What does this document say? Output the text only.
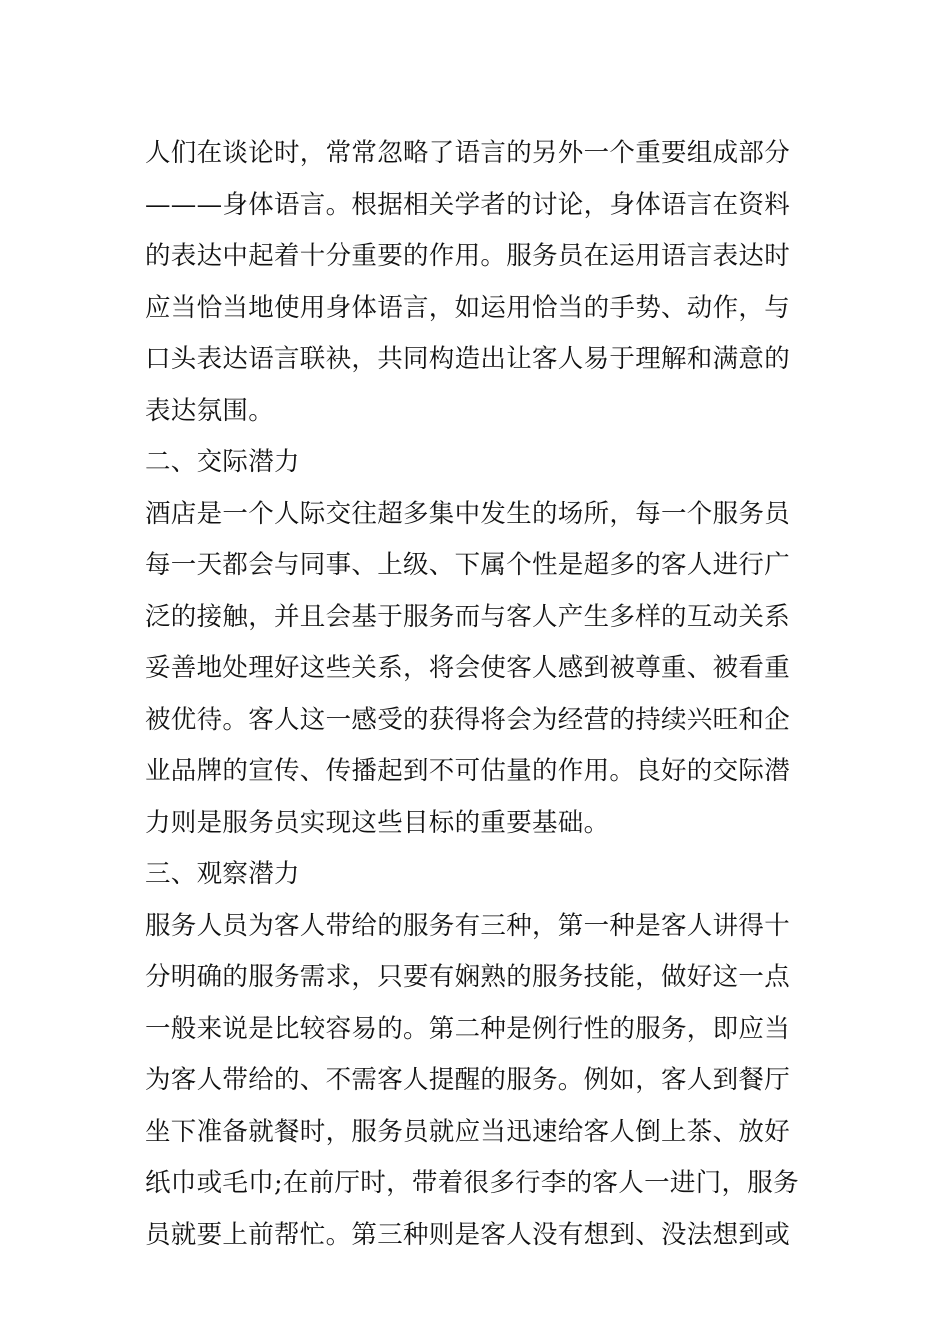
人们在谈论时，常常忽略了语言的另外一个重要组成部分
———身体语言。根据相关学者的讨论，身体语言在资料
的表达中起着十分重要的作用。服务员在运用语言表达时
应当恰当地使用身体语言，如运用恰当的手势、动作，与
口头表达语言联袂，共同构造出让客人易于理解和满意的
表达氛围。
二、交际潜力
酒店是一个人际交往超多集中发生的场所，每一个服务员
每一天都会与同事、上级、下属个性是超多的客人进行广
泛的接触，并且会基于服务而与客人产生多样的互动关系
妥善地处理好这些关系，将会使客人感到被尊重、被看重
被优待。客人这一感受的获得将会为经营的持续兴旺和企
业品牌的宣传、传播起到不可估量的作用。良好的交际潜
力则是服务员实现这些目标的重要基础。
三、观察潜力
服务人员为客人带给的服务有三种，第一种是客人讲得十
分明确的服务需求，只要有娴熟的服务技能，做好这一点
一般来说是比较容易的。第二种是例行性的服务，即应当
为客人带给的、不需客人提醒的服务。例如，客人到餐厅
坐下准备就餐时，服务员就应当迅速给客人倒上茶、放好
纸巾或毛巾;在前厅时，带着很多行李的客人一进门，服务
员就要上前帮忙。第三种则是客人没有想到、没法想到或
